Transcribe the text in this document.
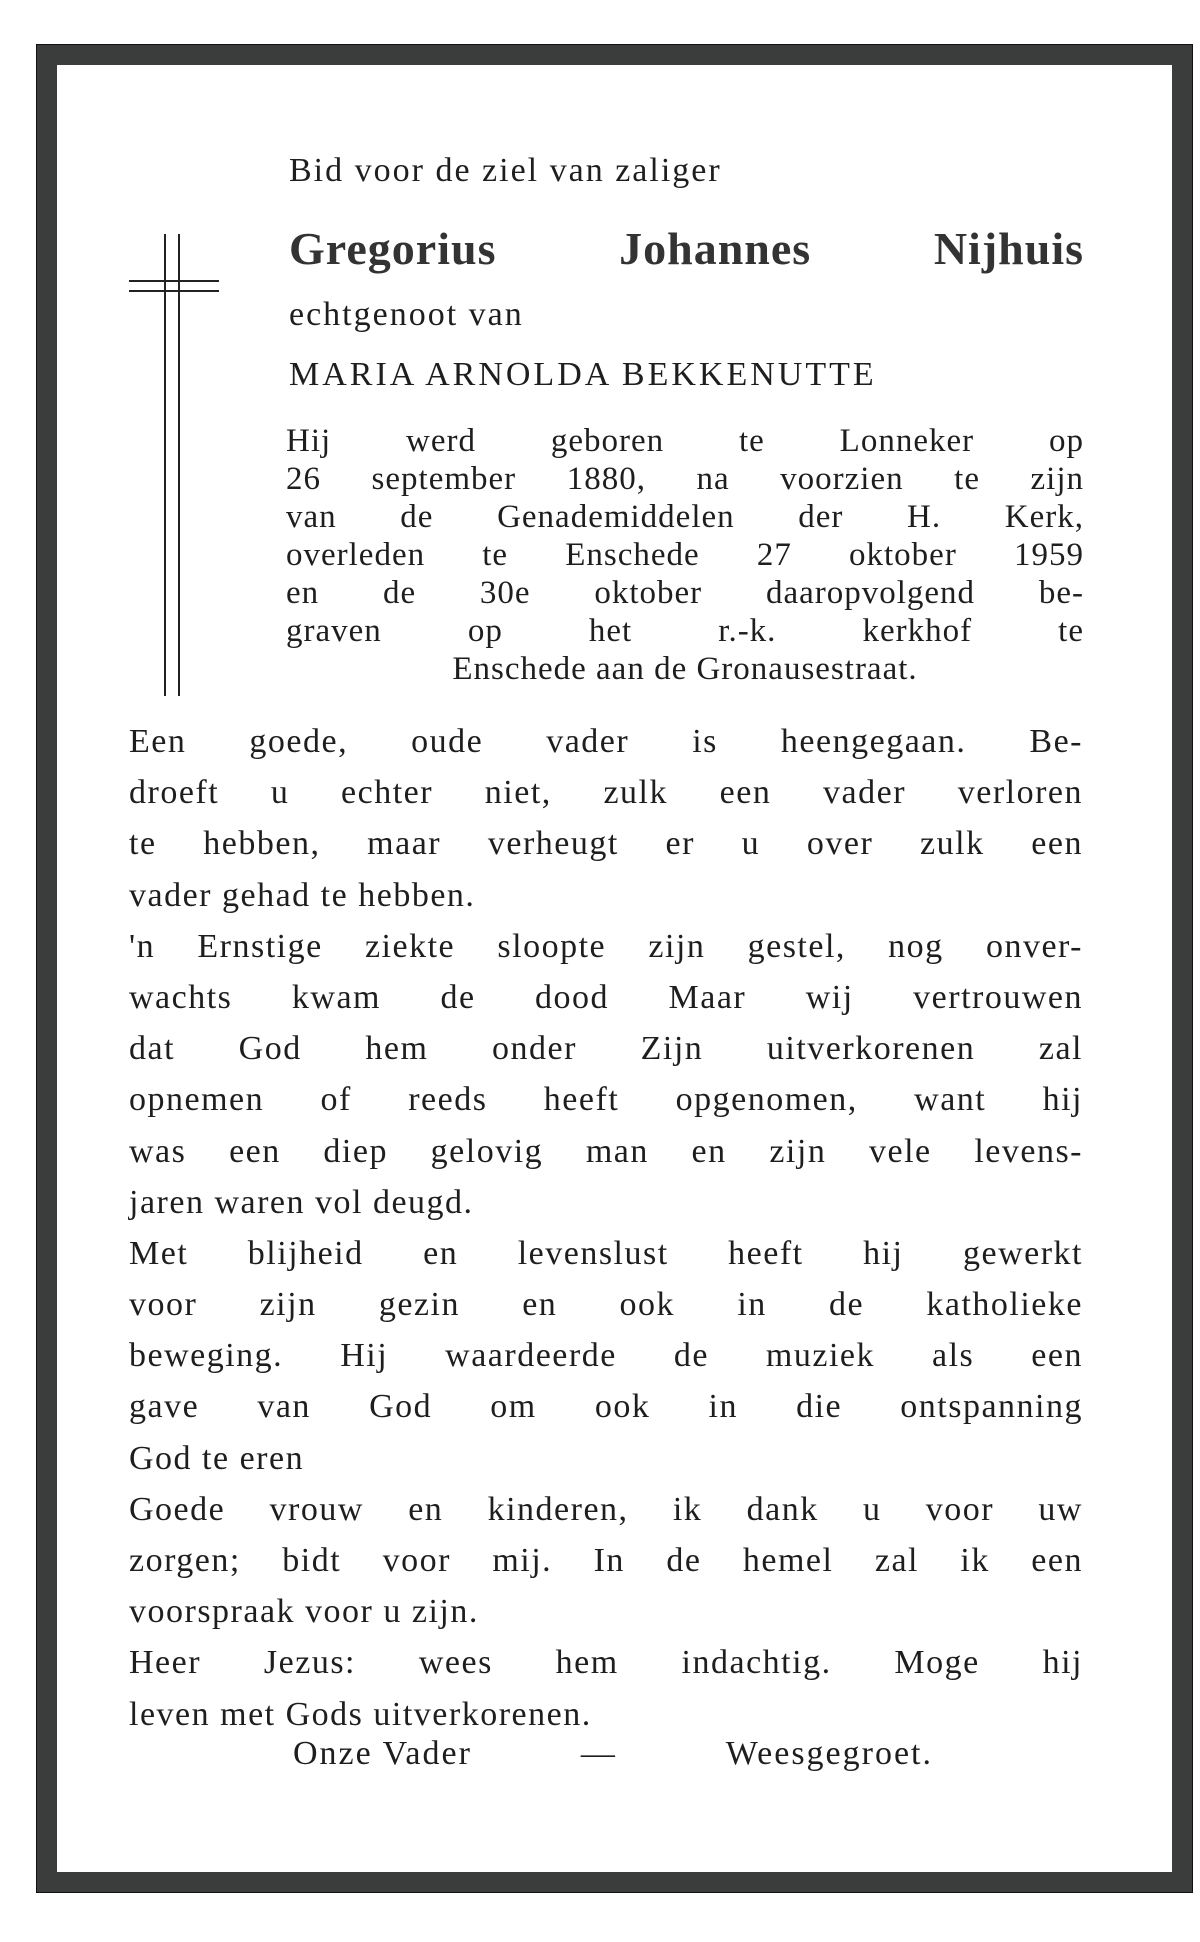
Bid voor de ziel van zaliger
Gregorius Johannes Nijhuis
echtgenoot van
MARIA ARNOLDA BEKKENUTTE
Hij werd geboren te Lonneker op
26 september 1880, na voorzien te zijn
van de Genademiddelen der H. Kerk,
overleden te Enschede 27 oktober 1959
en de 30e oktober daaropvolgend be-
graven op het r.-k. kerkhof te
Enschede aan de Gronausestraat.
Een goede, oude vader is heengegaan. Be-
droeft u echter niet, zulk een vader verloren
te hebben, maar verheugt er u over zulk een
vader gehad te hebben.
'n Ernstige ziekte sloopte zijn gestel, nog onver-
wachts kwam de dood Maar wij vertrouwen
dat God hem onder Zijn uitverkorenen zal
opnemen of reeds heeft opgenomen, want hij
was een diep gelovig man en zijn vele levens-
jaren waren vol deugd.
Met blijheid en levenslust heeft hij gewerkt
voor zijn gezin en ook in de katholieke
beweging. Hij waardeerde de muziek als een
gave van God om ook in die ontspanning
God te eren
Goede vrouw en kinderen, ik dank u voor uw
zorgen; bidt voor mij. In de hemel zal ik een
voorspraak voor u zijn.
Heer Jezus: wees hem indachtig. Moge hij
leven met Gods uitverkorenen.
Onze Vader	—	Weesgegroet.
